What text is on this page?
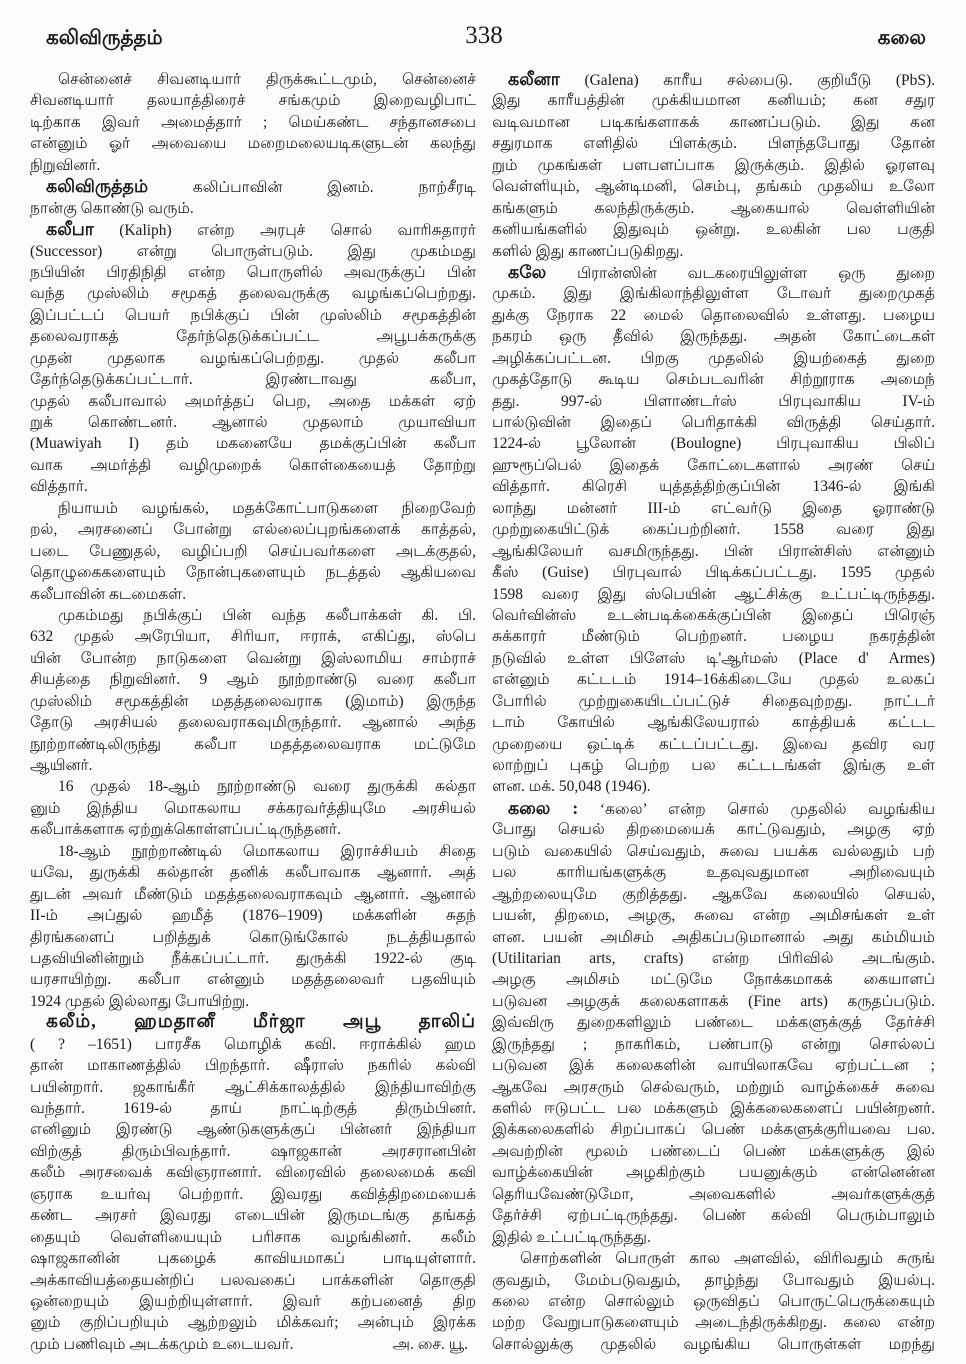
கலிவிருத்தம்	338	கலை
சென்னைச் சிவனடியார் திருக்கூட்டமும், சென்னைச்
சிவனடியார் தலயாத்திரைச் சங்கமும் இறைவழிபாட்
டிற்காக இவர் அமைத்தார் ; மெய்கண்ட சந்தானசபை
என்னும் ஓர் அவையை மறைமலையடிகளுடன் கலந்து
நிறுவினர்.
கலிவிருத்தம்	கலிப்பாவின் இனம். நாற்சீரடி
நான்கு கொண்டு வரும்.
கலீபா (Kaliph) என்ற அரபுச் சொல் வாரிசுதாரர்
(Successor) என்று பொருள்படும். இது முகம்மது
நபியின் பிரதிநிதி என்ற பொருளில் அவருக்குப் பின்
வந்த முஸ்லிம் சமூகத் தலைவருக்கு வழங்கப்பெற்றது.
இப்பட்டப் பெயர் நபிக்குப் பின் முஸ்லிம் சமூகத்தின்
தலைவராகத் தேர்ந்தெடுக்கப்பட்ட அபூபக்கருக்கு
முதன் முதலாக வழங்கப்பெற்றது. முதல் கலீபா
தேர்ந்தெடுக்கப்பட்டார். இரண்டாவது கலீபா,
முதல் கலீபாவால் அமர்த்தப் பெற, அதை மக்கள் ஏற்
றுக் கொண்டனர். ஆனால் முதலாம் முயாவியா
(Muawiyah I) தம் மகனையே தமக்குப்பின் கலீபா
வாக அமர்த்தி வழிமுறைக் கொள்கையைத் தோற்று
வித்தார்.
நியாயம் வழங்கல், மதக்கோட்பாடுகளை நிறைவேற்
றல், அரசனைப் போன்று எல்லைப்புறங்களைக் காத்தல்,
படை பேணுதல், வழிப்பறி செய்பவர்களை அடக்குதல்,
தொழுகைகளையும் நோன்புகளையும் நடத்தல் ஆகியவை
கலீபாவின் கடமைகள்.
முகம்மது நபிக்குப் பின் வந்த கலீபாக்கள் கி. பி.
632 முதல் அரேபியா, சிரியா, ஈராக், எகிப்து, ஸ்பெ
யின் போன்ற நாடுகளை வென்று இஸ்லாமிய சாம்ராச்
சியத்தை நிறுவினர். 9 ஆம் நூற்றாண்டு வரை கலீபா
முஸ்லிம் சமூகத்தின் மதத்தலைவராக (இமாம்) இருந்த
தோடு அரசியல் தலைவராகவுமிருந்தார். ஆனால் அந்த
நூற்றாண்டிலிருந்து கலீபா மதத்தலைவராக மட்டுமே
ஆயினர்.
16 முதல் 18-ஆம் நூற்றாண்டு வரை துருக்கி சுல்தா
னும் இந்திய மொகலாய சக்கரவர்த்தியுமே அரசியல்
கலீபாக்களாக ஏற்றுக்கொள்ளப்பட்டிருந்தனர்.
18-ஆம் நூற்றாண்டில் மொகலாய இராச்சியம் சிதை
யவே, துருக்கி சுல்தான் தனிக் கலீபாவாக ஆனார். அத்
துடன் அவர் மீண்டும் மதத்தலைவராகவும் ஆனார். ஆனால்
II-ம் அப்துல் ஹமீத் (1876–1909) மக்களின் சுதந்
திரங்களைப் பறித்துக் கொடுங்கோல் நடத்தியதால்
பதவியினின்றும் நீக்கப்பட்டார். துருக்கி 1922-ல் குடி
யரசாயிற்று. கலீபா என்னும் மதத்தலைவர் பதவியும்
1924 முதல் இல்லாது போயிற்று.
கலீம், ஹமதானீ மீர்ஜா அபூ தாலிப்
( ? –1651) பாரசீக மொழிக் கவி. ஈராக்கில் ஹம
தான் மாகாணத்தில் பிறந்தார். ஷீராஸ் நகரில் கல்வி
பயின்றார். ஜகாங்கீர் ஆட்சிக்காலத்தில் இந்தியாவிற்கு
வந்தார். 1619-ல் தாய் நாட்டிற்குத் திரும்பினர்.
எனினும் இரண்டு ஆண்டுகளுக்குப் பின்னர் இந்தியா
விற்குத் திரும்பிவந்தார். ஷாஜகான் அரசரானபின்
கலீம் அரசவைக் கவிஞரானார். விரைவில் தலைமைக் கவி
ஞராக உயர்வு பெற்றார். இவரது கவித்திறமையைக்
கண்ட அரசர் இவரது எடையின் இருமடங்கு தங்கத்
தையும் வெள்ளியையும் பரிசாக வழங்கினர். கலீம்
ஷாஜகானின் புகழைக் காவியமாகப் பாடியுள்ளார்.
அக்காவியத்தையன்றிப் பலவகைப் பாக்களின் தொகுதி
ஒன்றையும் இயற்றியுள்ளார். இவர் கற்பனைத் திற
னும் குறிப்பறியும் ஆற்றலும் மிக்கவர்; அன்பும் இரக்க
அ. சை. யூ.
மும் பணிவும் அடக்கமும் உடையவர்.
கலீனா (Galena) காரீய சல்பைடு. குறியீடு (PbS).
இது காரீயத்தின் முக்கியமான கனியம்; கன சதுர
வடிவமான படிகங்களாகக் காணப்படும். இது கன
சதுரமாக எளிதில் பிளக்கும். பிளந்தபோது தோன்
றும் முகங்கள் பளபளப்பாக இருக்கும். இதில் ஓரளவு
வெள்ளியும், ஆன்டிமனி, செம்பு, தங்கம் முதலிய உலோ
கங்களும் கலந்திருக்கும். ஆகையால் வெள்ளியின்
கனியங்களில் இதுவும் ஒன்று. உலகின் பல பகுதி
களில் இது காணப்படுகிறது.
கலே பிரான்ஸின் வடகரையிலுள்ள ஒரு துறை
முகம். இது இங்கிலாந்திலுள்ள டோவர் துறைமுகத்
துக்கு நேராக 22 மைல் தொலைவில் உள்ளது. பழைய
நகரம் ஒரு தீவில் இருந்தது. அதன் கோட்டைகள்
அழிக்கப்பட்டன. பிறகு முதலில் இயற்கைத் துறை
முகத்தோடு கூடிய செம்படவரின் சிற்றூராக அமைந்
தது. 997-ல் பிளாண்டர்ஸ் பிரபுவாகிய IV-ம்
பால்டுவின் இதைப் பெரிதாக்கி விருத்தி செய்தார்.
1224-ல் பூலோன் (Boulogne) பிரபுவாகிய பிலிப்
ஹுரூப்பெல் இதைக் கோட்டைகளால் அரண் செய்
வித்தார். கிரெசி யுத்தத்திற்குப்பின் 1346-ல் இங்கி
லாந்து மன்னர் III-ம் எட்வர்டு இதை ஓராண்டு
முற்றுகையிட்டுக் கைப்பற்றினர். 1558 வரை இது
ஆங்கிலேயர் வசமிருந்தது. பின் பிரான்சிஸ் என்னும்
கீஸ் (Guise) பிரபுவால் பிடிக்கப்பட்டது. 1595 முதல்
1598 வரை இது ஸ்பெயின் ஆட்சிக்கு உட்பட்டிருந்தது.
வெர்வின்ஸ் உடன்படிக்கைக்குப்பின் இதைப் பிரெஞ்
சுக்காரர் மீண்டும் பெற்றனர். பழைய நகரத்தின்
நடுவில் உள்ள பிளேஸ் டி'ஆர்மஸ் (Place d' Armes)
என்னும் கட்டடம் 1914–16க்கிடையே முதல் உலகப்
போரில் முற்றுகையிடப்பட்டுச் சிதைவுற்றது. நாட்டர்
டாம் கோயில் ஆங்கிலேயரால் காத்தியக் கட்டட
முறையை ஒட்டிக் கட்டப்பட்டது. இவை தவிர வர
லாற்றுப் புகழ் பெற்ற பல கட்டடங்கள் இங்கு உள்
ளன. மக். 50,048 (1946).
கலை : ‘கலை’ என்ற சொல் முதலில் வழங்கிய
போது செயல் திறமையைக் காட்டுவதும், அழகு ஏற்
படும் வகையில் செய்வதும், சுவை பயக்க வல்லதும் பற்
பல காரியங்களுக்கு உதவுவதுமான அறிவையும்
ஆற்றலையுமே குறித்தது. ஆகவே கலையில் செயல்,
பயன், திறமை, அழகு, சுவை என்ற அமிசங்கள் உள்
ளன. பயன் அமிசம் அதிகப்படுமானால் அது கம்மியம்
(Utilitarian arts, crafts) என்ற பிரிவில் அடங்கும்.
அழகு அமிசம் மட்டுமே நோக்கமாகக் கையாளப்
படுவன அழகுக் கலைகளாகக் (Fine arts) கருதப்படும்.
இவ்விரு துறைகளிலும் பண்டை மக்களுக்குத் தேர்ச்சி
இருந்தது ; நாகரிகம், பண்பாடு என்று சொல்லப்
படுவன இக் கலைகளின் வாயிலாகவே ஏற்பட்டன ;
ஆகவே அரசரும் செல்வரும், மற்றும் வாழ்க்கைச் சுவை
களில் ஈடுபட்ட பல மக்களும் இக்கலைகளைப் பயின்றனர்.
இக்கலைகளில் சிறப்பாகப் பெண் மக்களுக்குரியவை பல.
அவற்றின் மூலம் பண்டைப் பெண் மக்களுக்கு இல்
வாழ்க்கையின் அழகிற்கும் பயனுக்கும் என்னென்ன
தெரியவேண்டுமோ, அவைகளில் அவர்களுக்குத்
தேர்ச்சி ஏற்பட்டிருந்தது. பெண் கல்வி பெரும்பாலும்
இதில் உட்பட்டிருந்தது.
சொற்களின் பொருள் கால அளவில், விரிவதும் சுருங்
குவதும், மேம்படுவதும், தாழ்ந்து போவதும் இயல்பு.
கலை என்ற சொல்லும் ஒருவிதப் பொருட்பெருக்கையும்
மற்ற வேறுபாடுகளையும் அடைந்திருக்கிறது. கலை என்ற
சொல்லுக்கு முதலில் வழங்கிய பொருள்கள் மறந்து
